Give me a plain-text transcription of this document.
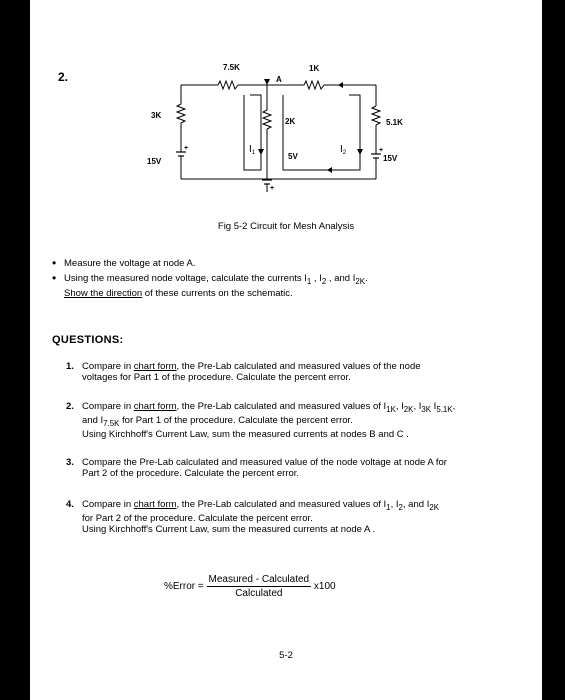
2.
7.5K	1K
A
3K
2K	5.1K
15V
5V	15V
$I_1$	$I_2$
+	+
+
Fig 5-2 Circuit for Mesh Analysis
• Measure the voltage at node A.
• Using the measured node voltage, calculate the currents $I_1$ , $I_2$ , and $I_{2K}$.
Show the direction of these currents on the schematic.
QUESTIONS:
1. Compare in chart form, the Pre-Lab calculated and measured values of the node
voltages for Part 1 of the procedure. Calculate the percent error.
2. Compare in chart form, the Pre-Lab calculated and measured values of $I_{1K}$, $I_{2K}$, $I_{3K}$ $I_{5.1K}$,
and $I_{7.5K}$ for Part 1 of the procedure. Calculate the percent error.
Using Kirchhoff's Current Law, sum the measured currents at nodes B and C .
3. Compare the Pre-Lab calculated and measured value of the node voltage at node A for
Part 2 of the procedure. Calculate the percent error.
4. Compare in chart form, the Pre-Lab calculated and measured values of $I_1$, $I_2$, and $I_{2K}$
for Part 2 of the procedure. Calculate the percent error.
Using Kirchhoff's Current Law, sum the measured currents at node A .
%Error = $\frac{\text{Measured - Calculated}}{\text{Calculated}} x100$
5-2
